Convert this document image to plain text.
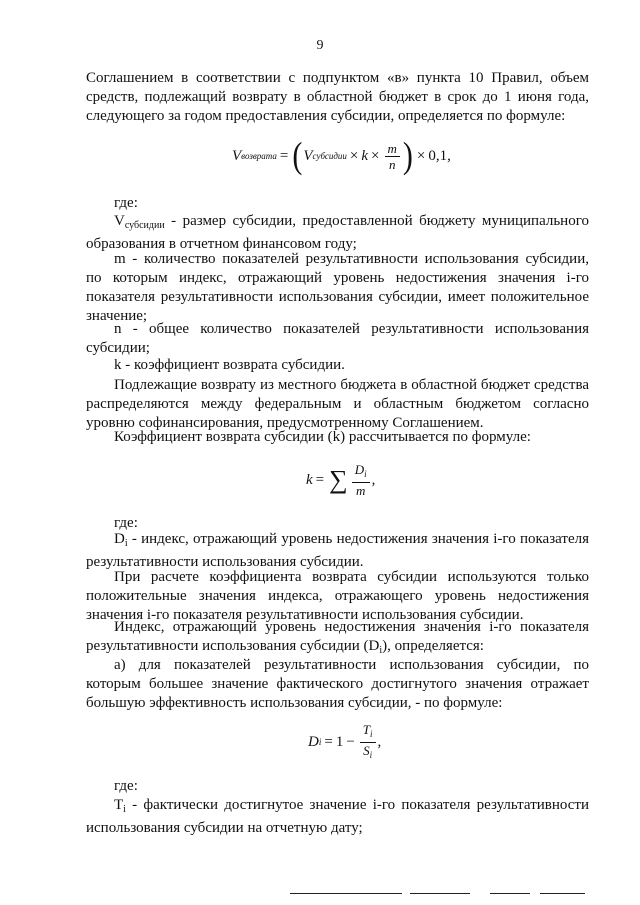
9

Соглашением в соответствии с подпунктом «в» пункта 10 Правил, объем средств, подлежащий возврату в областной бюджет в срок до 1 июня года, следующего за годом предоставления субсидии, определяется по формуле:

V возврата = ( V субсидии × $k \times \frac{m}{n}$ ) × 0,1,
где:

$V_{субсидии}$ - размер субсидии, предоставленной бюджету муниципального образования в отчетном финансовом году;

m - количество показателей результативности использования субсидии, по которым индекс, отражающий уровень недостижения значения i-го показателя результативности использования субсидии, имеет положительное значение;

n - общее количество показателей результативности использования субсидии;

k - коэффициент возврата субсидии.

Подлежащие возврату из местного бюджета в областной бюджет средства распределяются между федеральным и областным бюджетом согласно уровню софинансирования, предусмотренному Соглашением.

Коэффициент возврата субсидии (k) рассчитывается по формуле:

k = ∑ $\frac{D_i}{m}$ ,
где:

$D_i$ - индекс, отражающий уровень недостижения значения i-го показателя результативности использования субсидии.

При расчете коэффициента возврата субсидии используются только положительные значения индекса, отражающего уровень недостижения значения i-го показателя результативности использования субсидии.

Индекс, отражающий уровень недостижения значения i-го показателя результативности использования субсидии $(D_i)$, определяется:

а) для показателей результативности использования субсидии, по которым большее значение фактического достигнутого значения отражает большую эффективность использования субсидии, - по формуле:

D $i = 1 - \frac{T_i}{S_i}$ ,
где:

$T_i$ - фактически достигнутое значение i-го показателя результативности использования субсидии на отчетную дату;
